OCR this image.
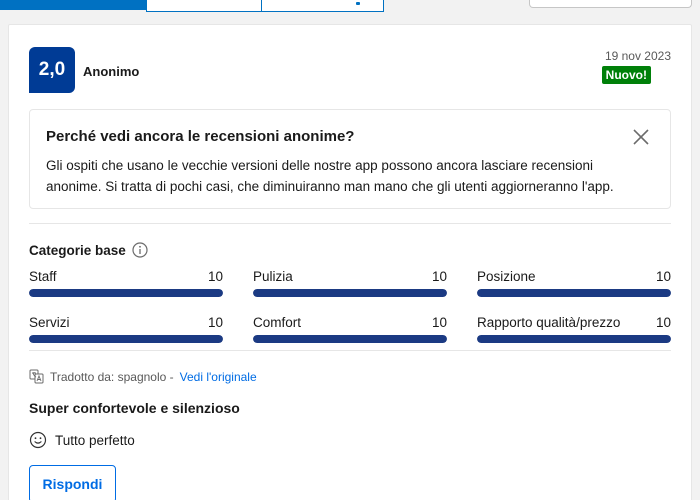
2,0	Anonimo
19 nov 2023
Nuovo!
Perché vedi ancora le recensioni anonime?
Gli ospiti che usano le vecchie versioni delle nostre app possono ancora lasciare recensioni anonime. Si tratta di pochi casi, che diminuiranno man mano che gli utenti aggiorneranno l'app.
Categorie base
Staff	10 Pulizia	10 Posizione	10
Servizi	10 Comfort	10 Rapporto qualità/prezzo	10
Tradotto da: spagnolo - Vedi l'originale
Super confortevole e silenzioso
Tutto perfetto
Rispondi
